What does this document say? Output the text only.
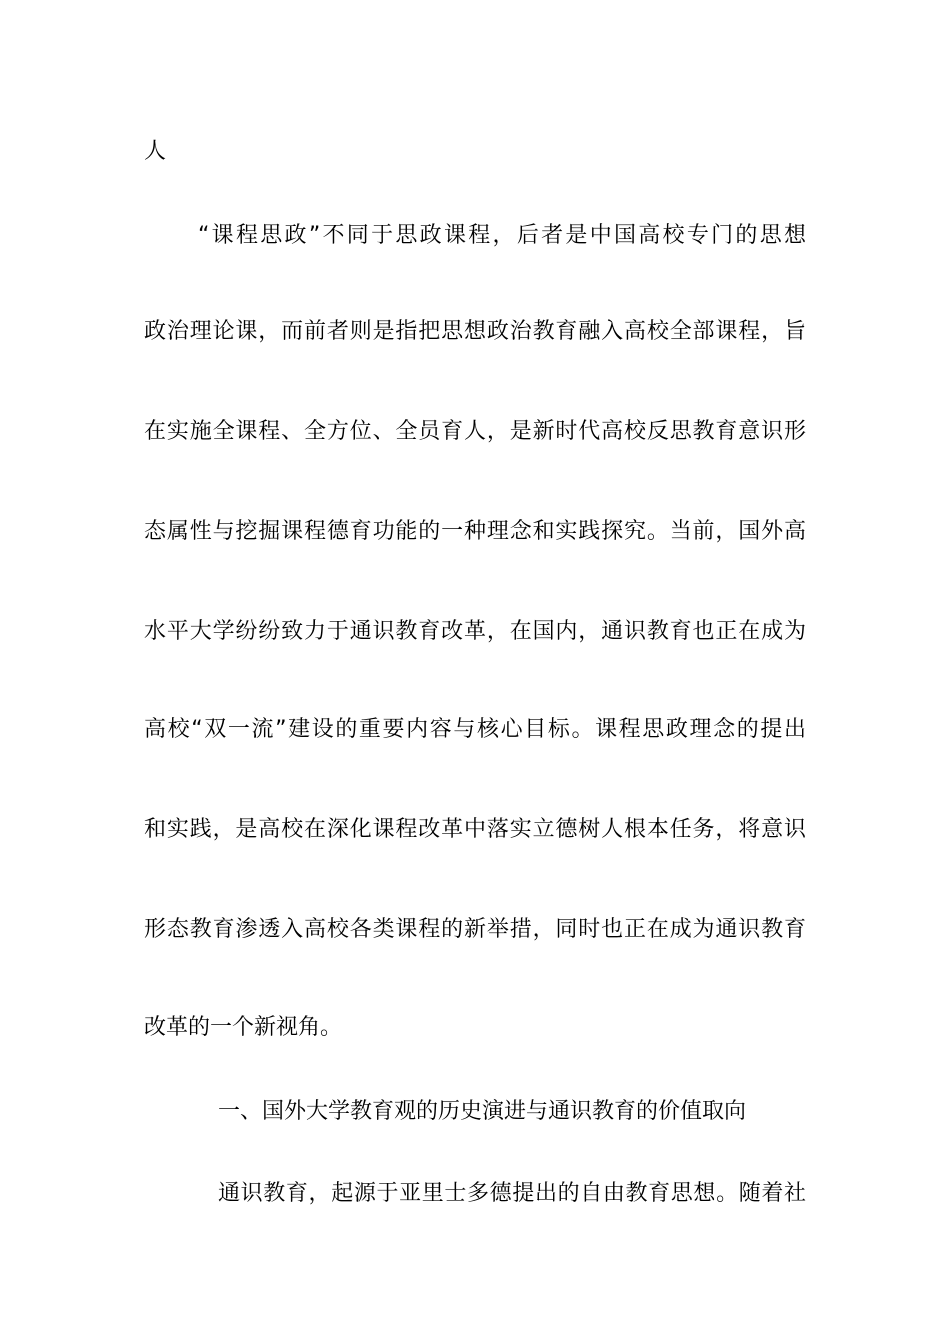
人
“课程思政”不同于思政课程，后者是中国高校专门的思想
政治理论课，而前者则是指把思想政治教育融入高校全部课程，旨
在实施全课程、全方位、全员育人，是新时代高校反思教育意识形
态属性与挖掘课程德育功能的一种理念和实践探究。当前，国外高
水平大学纷纷致力于通识教育改革，在国内，通识教育也正在成为
高校“双一流”建设的重要内容与核心目标。课程思政理念的提出
和实践，是高校在深化课程改革中落实立德树人根本任务，将意识
形态教育渗透入高校各类课程的新举措，同时也正在成为通识教育
改革的一个新视角。
一、国外大学教育观的历史演进与通识教育的价值取向
通识教育，起源于亚里士多德提出的自由教育思想。随着社
